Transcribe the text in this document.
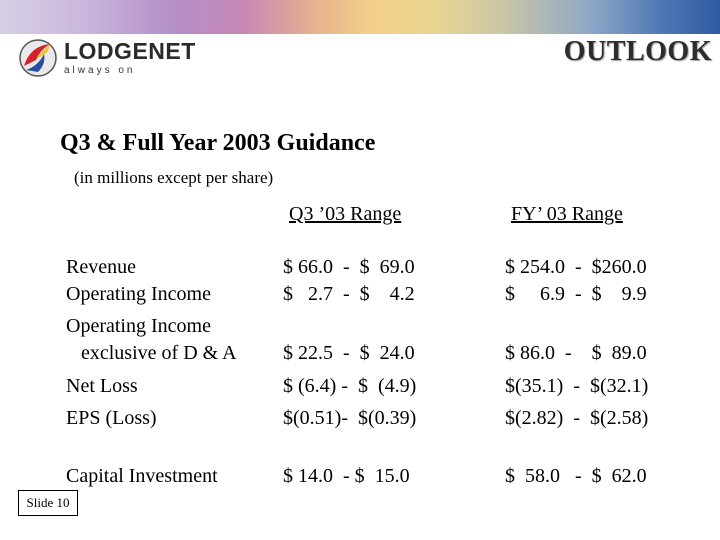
LODGENET
always on
OUTLOOK
Q3 & Full Year 2003 Guidance
(in millions except per share)
Q3 ’03 Range	FY’ 03 Range
Revenue	$ 66.0  -  $  69.0	$ 254.0  -  $260.0
Operating Income	$   2.7  -  $    4.2	$     6.9  -  $    9.9
Operating Income
exclusive of D & A $ 22.5  -  $  24.0	$ 86.0  -    $  89.0
Net Loss	$ (6.4) -  $  (4.9)	$(35.1)  -  $(32.1)
EPS (Loss)	$(0.51)-  $(0.39)	$(2.82)  -  $(2.58)
Capital Investment	$ 14.0  - $  15.0	$  58.0   -  $  62.0
Slide 10
